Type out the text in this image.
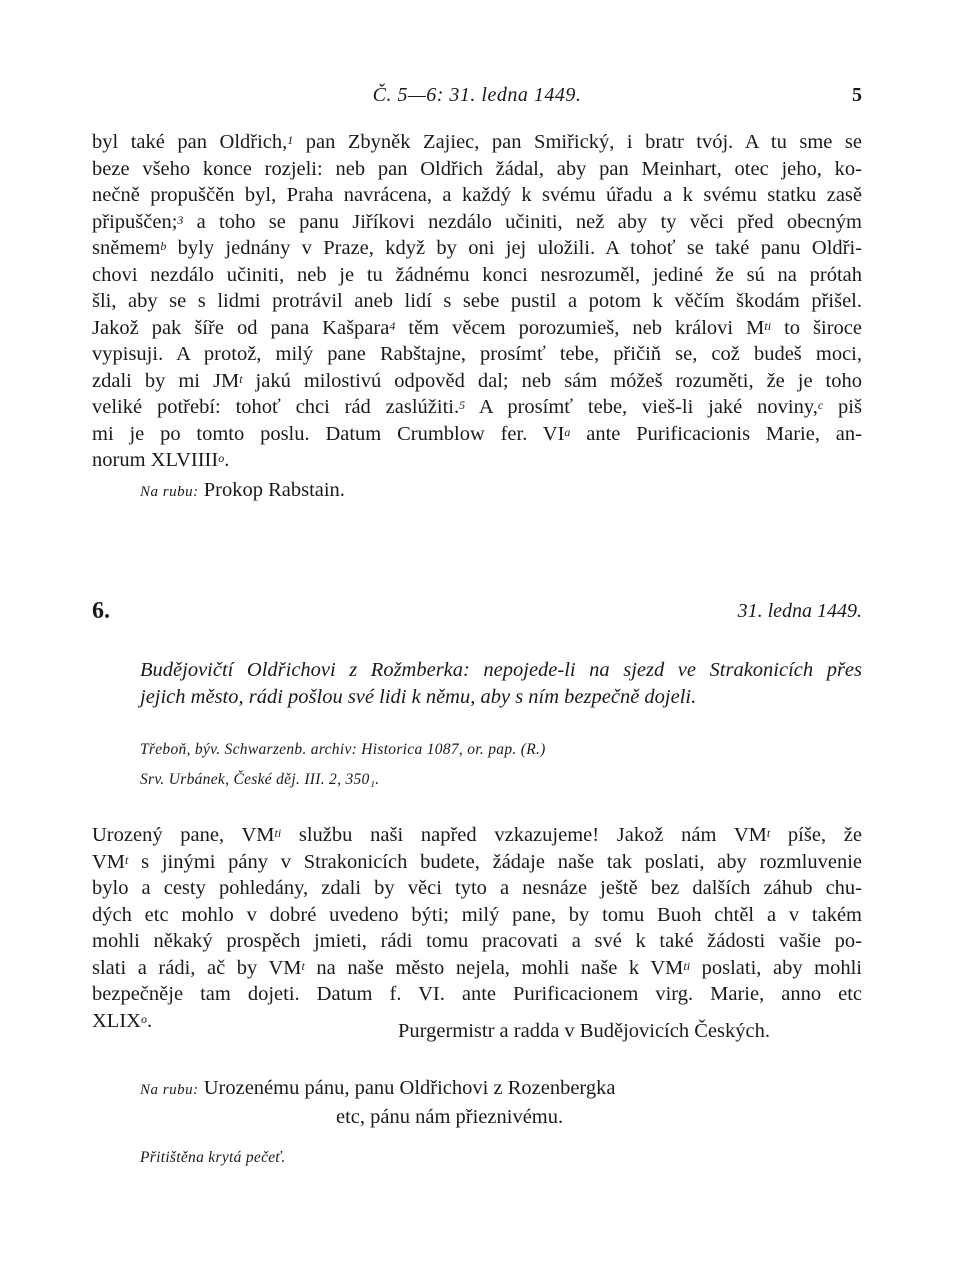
Č. 5—6: 31. ledna 1449.	5
byl také pan Oldřich,$^1$ pan Zbyněk Zajiec, pan Smiřický, i bratr tvój. A tu sme se
beze všeho konce rozjeli: neb pan Oldřich žádal, aby pan Meinhart, otec jeho, ko-
nečně propuščěn byl, Praha navrácena, a každý k svému úřadu a k svému statku zasě
připuščen;$^3$ a toho se panu Jiříkovi nezdálo učiniti, než aby ty věci před obecným
sněmem$^b$ byly jednány v Praze, když by oni jej uložili. A tohoť se také panu Oldři-
chovi nezdálo učiniti, neb je tu žádnému konci nesrozuměl, jediné že sú na prótah
šli, aby se s lidmi protrávil aneb lidí s sebe pustil a potom k věčím škodám přišel.
Jakož pak šíře od pana Kašpara$^4$ těm věcem porozumieš, neb královi $M^{ti}$ to široce
vypisuji. A protož, milý pane Rabštajne, prosímť tebe, přičiň se, což budeš moci,
zdali by mi $JM^t$ jakú milostivú odpověd dal; neb sám móžeš rozuměti, že je toho
veliké potřebí: tohoť chci rád zaslúžiti.$^5$ A prosímť tebe, vieš-li jaké noviny,$^c$ piš
mi je po tomto poslu. Datum Crumblow fer. $VI^a$ ante Purificacionis Marie, an-
norum XLVIIII$^o$.
Na rubu: Prokop Rabstain.
6.	31. ledna 1449.
Budějovičtí Oldřichovi z Rožmberka: nepojede-li na sjezd ve Strakonicích přes
jejich město, rádi pošlou své lidi k němu, aby s ním bezpečně dojeli.
Třeboň, býv. Schwarzenb. archiv: Historica 1087, or. pap. (R.)
Srv. Urbánek, České děj. III. 2, 350₁.
Urozený pane, $VM^{ti}$ službu naši napřed vzkazujeme! Jakož nám $VM^t$ píše, že
$VM^t$ s jinými pány v Strakonicích budete, žádaje naše tak poslati, aby rozmluvenie
bylo a cesty pohledány, zdali by věci tyto a nesnáze ještě bez dalších záhub chu-
dých etc mohlo v dobré uvedeno býti; milý pane, by tomu Buoh chtěl a v takém
mohli někaký prospěch jmieti, rádi tomu pracovati a své k také žádosti vašie po-
slati a rádi, ač by $VM^t$ na naše město nejela, mohli naše k $VM^{ti}$ poslati, aby mohli
bezpečněje tam dojeti. Datum f. VI. ante Purificacionem virg. Marie, anno etc
XLIX$^o$.	Purgermistr a radda v Budějovicích Českých.
Na rubu: Urozenému pánu, panu Oldřichovi z Rozenbergka
etc, pánu nám přieznivému.
Přitištěna krytá pečeť.
